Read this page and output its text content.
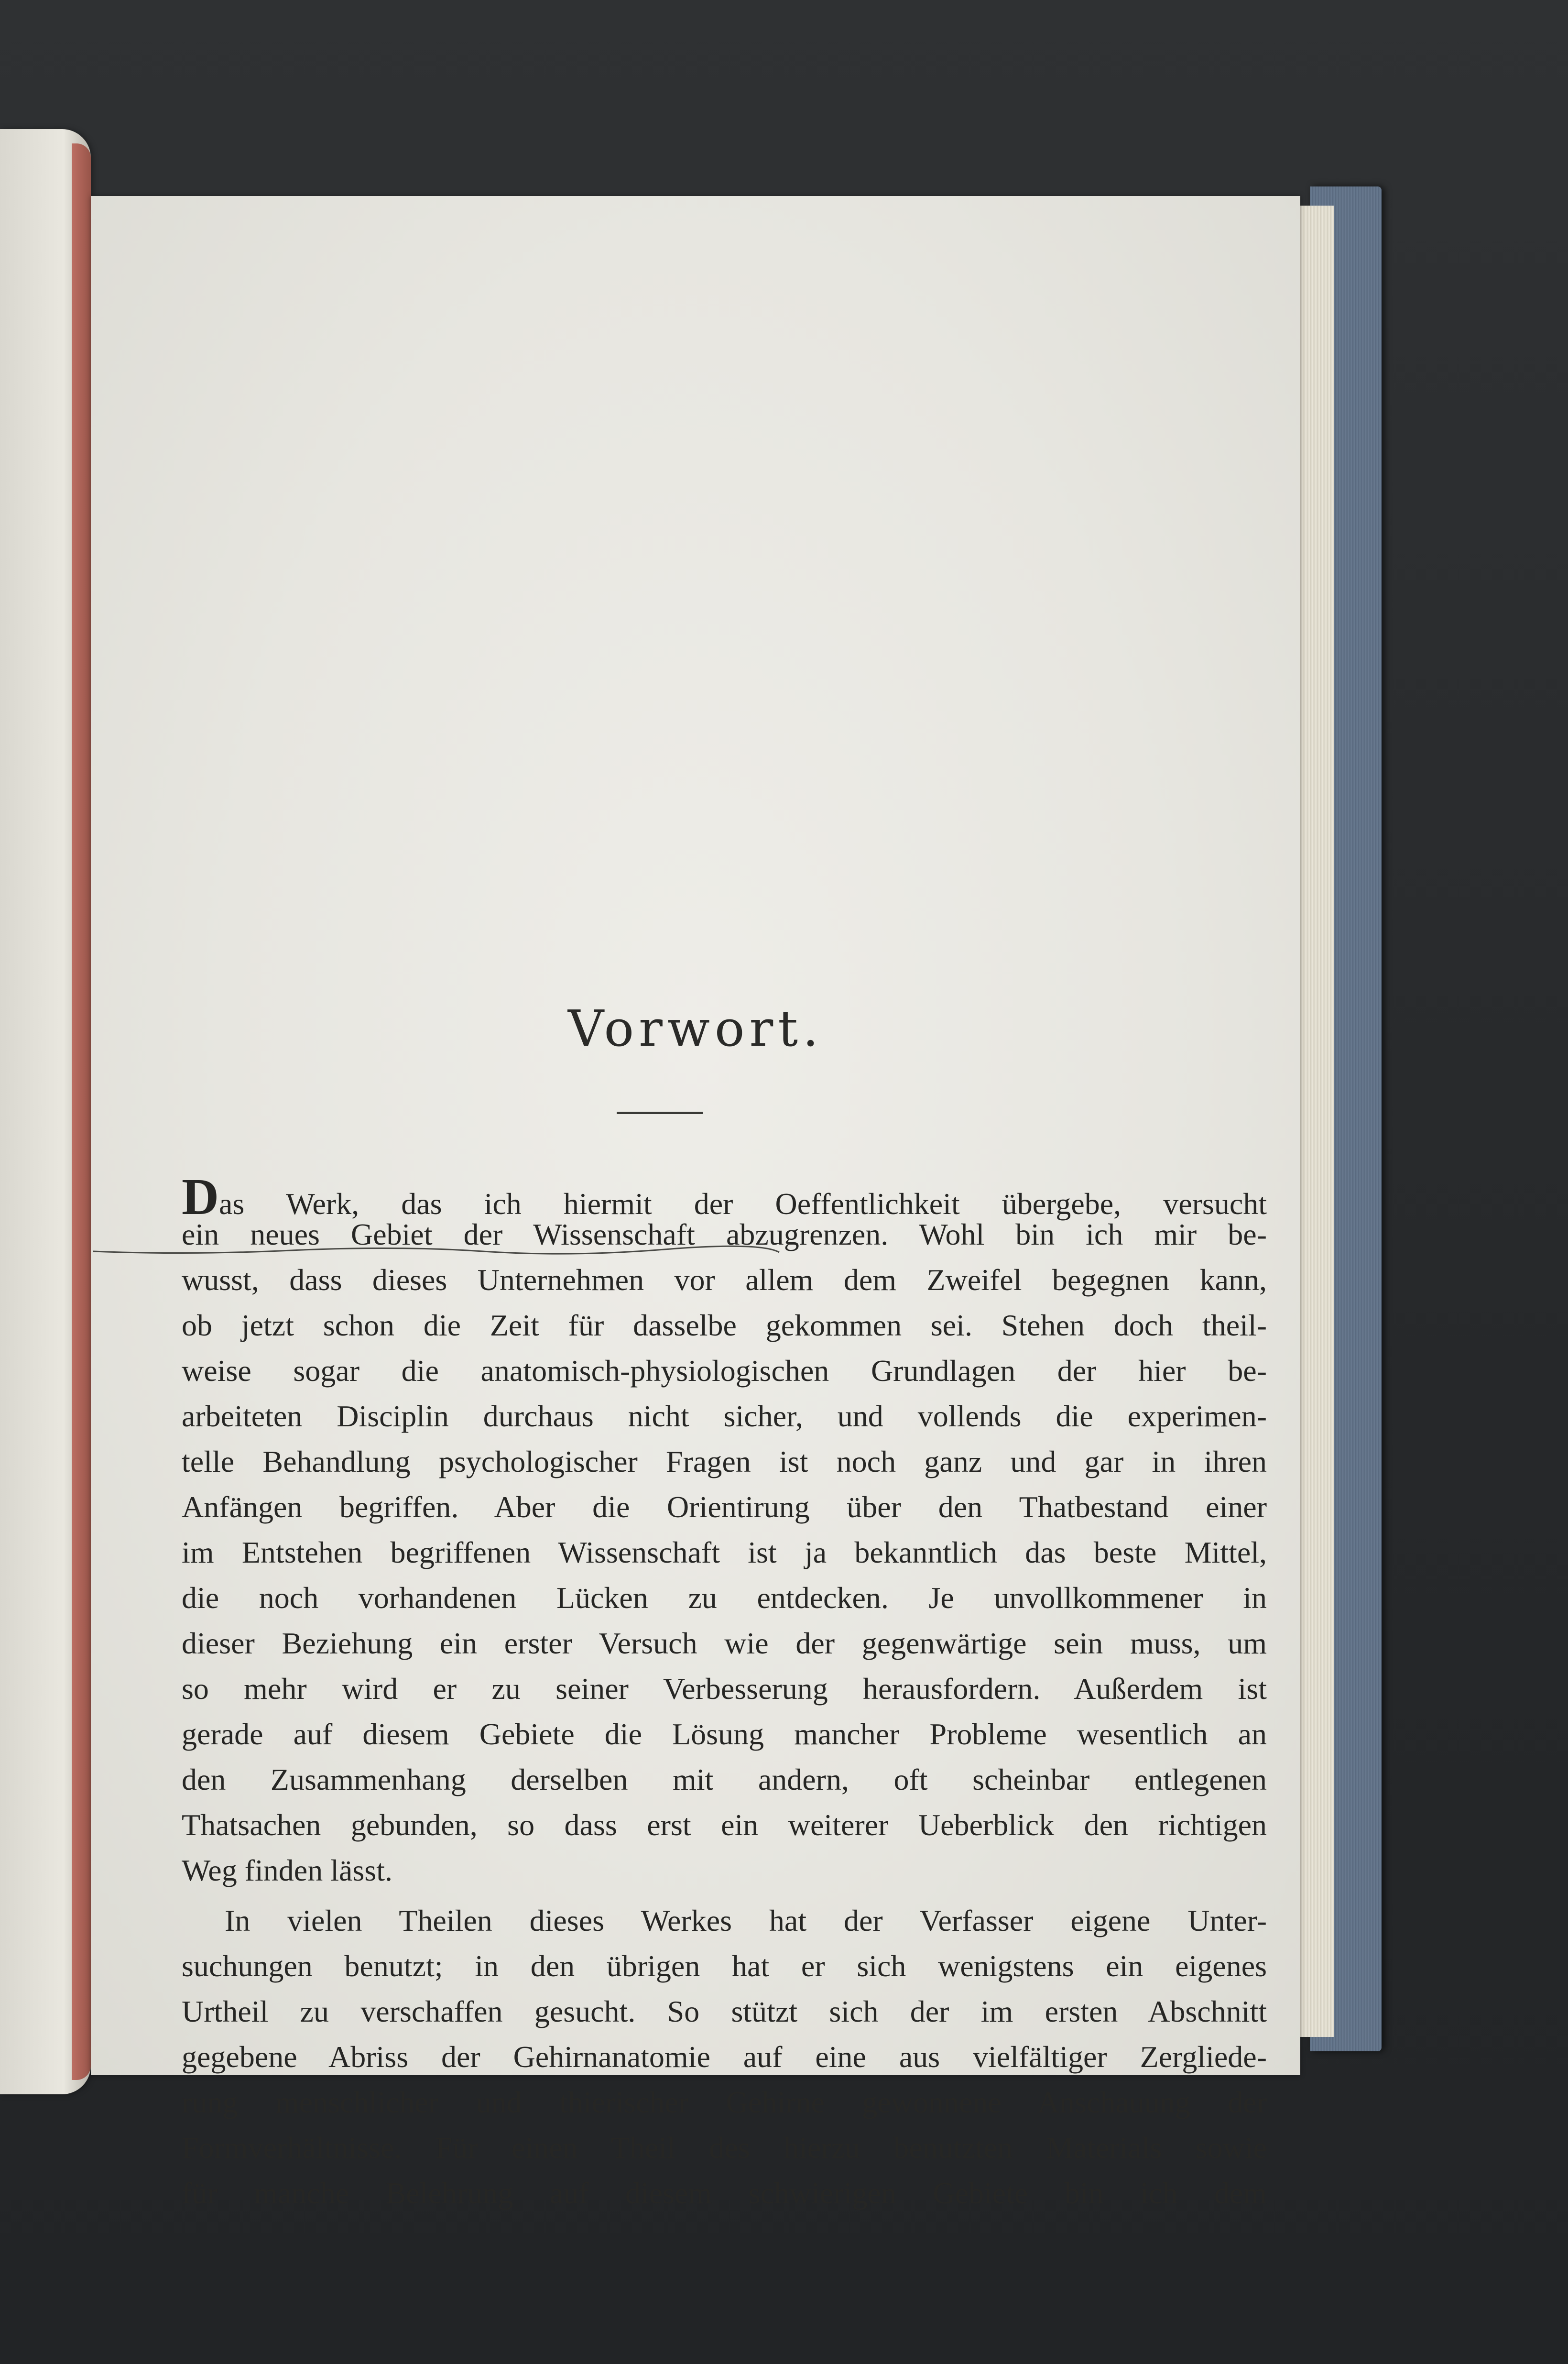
Vorwort.
Das Werk, das ich hiermit der Oeffentlichkeit übergebe, versucht
ein neues Gebiet der Wissenschaft abzugrenzen. Wohl bin ich mir be-
wusst, dass dieses Unternehmen vor allem dem Zweifel begegnen kann,
ob jetzt schon die Zeit für dasselbe gekommen sei. Stehen doch theil-
weise sogar die anatomisch-physiologischen Grundlagen der hier be-
arbeiteten Disciplin durchaus nicht sicher, und vollends die experimen-
telle Behandlung psychologischer Fragen ist noch ganz und gar in ihren
Anfängen begriffen. Aber die Orientirung über den Thatbestand einer
im Entstehen begriffenen Wissenschaft ist ja bekanntlich das beste Mittel,
die noch vorhandenen Lücken zu entdecken. Je unvollkommener in
dieser Beziehung ein erster Versuch wie der gegenwärtige sein muss, um
so mehr wird er zu seiner Verbesserung herausfordern. Außerdem ist
gerade auf diesem Gebiete die Lösung mancher Probleme wesentlich an
den Zusammenhang derselben mit andern, oft scheinbar entlegenen
Thatsachen gebunden, so dass erst ein weiterer Ueberblick den richtigen
Weg finden lässt.
In vielen Theilen dieses Werkes hat der Verfasser eigene Unter-
suchungen benutzt; in den übrigen hat er sich wenigstens ein eigenes
Urtheil zu verschaffen gesucht. So stützt sich der im ersten Abschnitt
gegebene Abriss der Gehirnanatomie auf eine aus vielfältiger Zergliede-
rung menschlicher und thierischer Gehirne gewonnene Anschauung der
Formverhältnisse. Für einen Theil des hierzu benutzten Materials sowie
für manche Belehrung auf diesem schwierigen Gebiete bin ich dem
